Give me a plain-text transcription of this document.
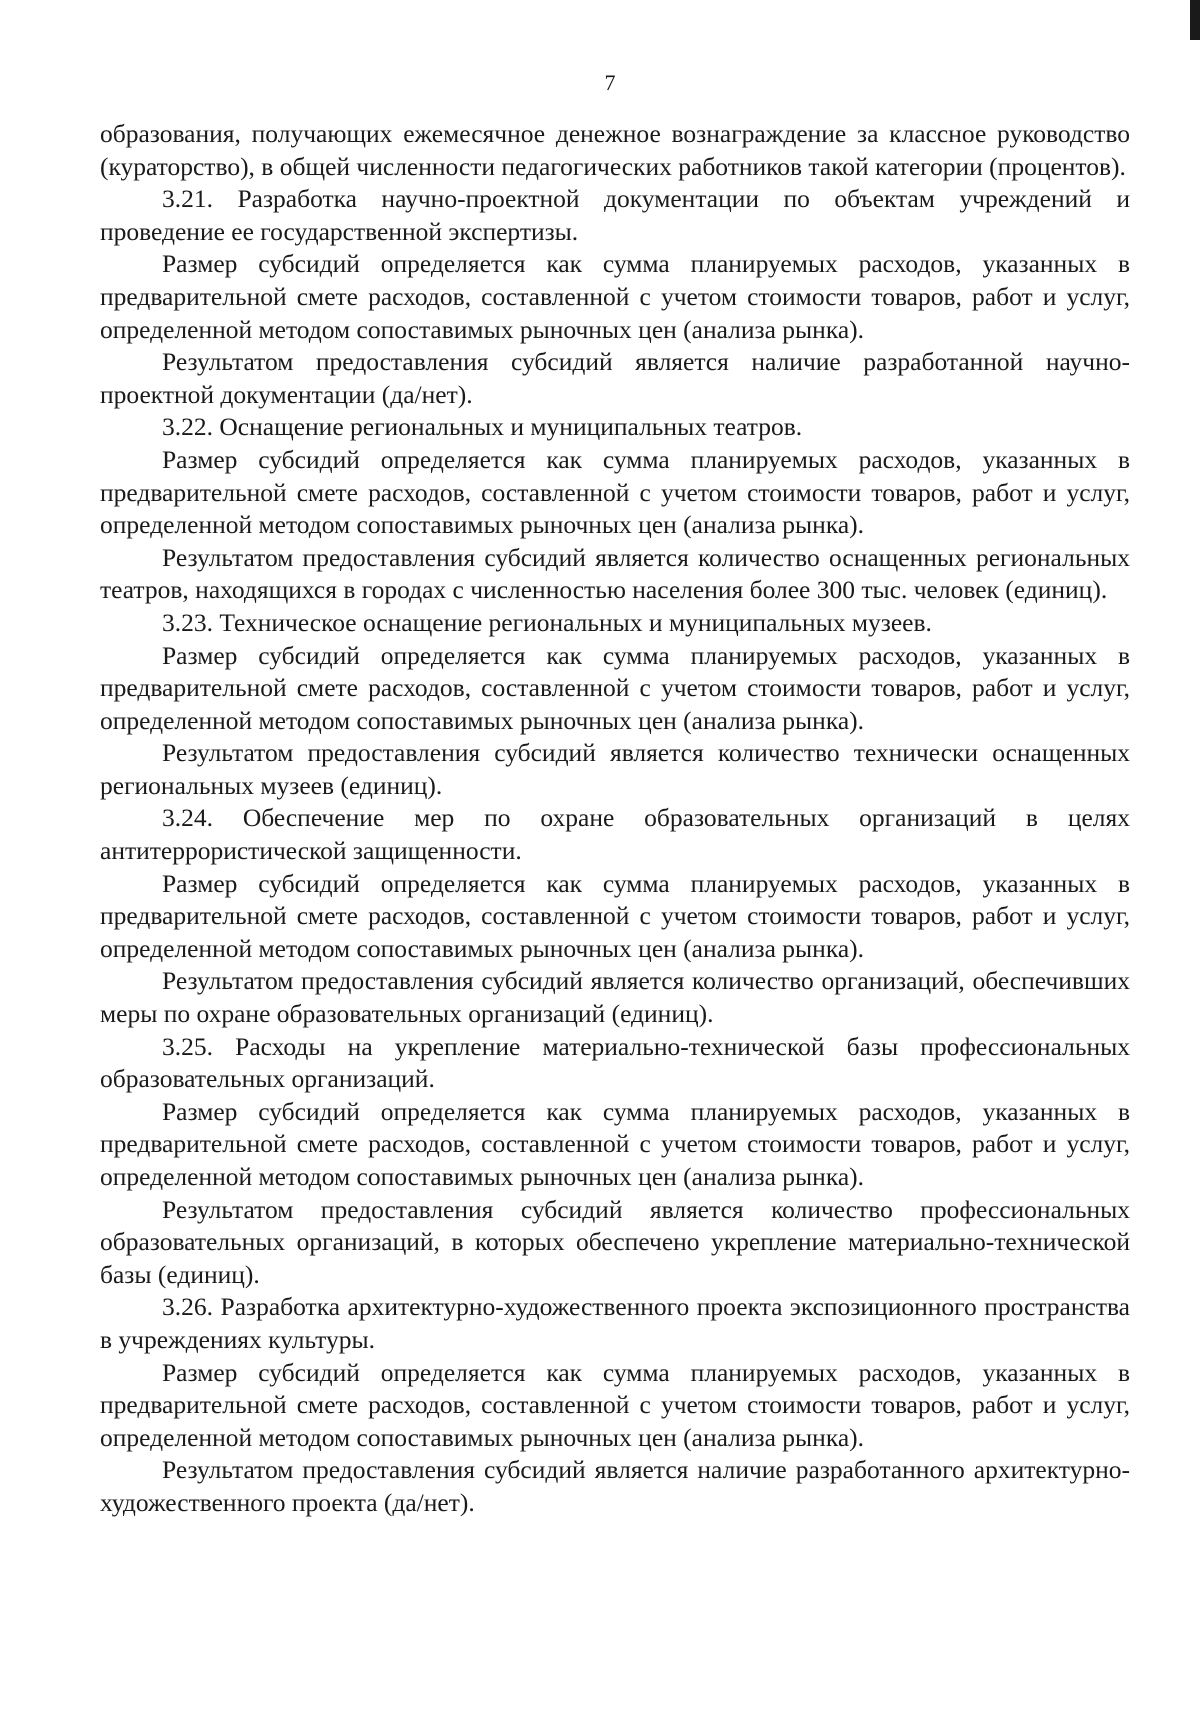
7

образования, получающих ежемесячное денежное вознаграждение за классное руководство (кураторство), в общей численности педагогических работников такой категории (процентов).

3.21. Разработка научно-проектной документации по объектам учреждений и проведение ее государственной экспертизы.

Размер субсидий определяется как сумма планируемых расходов, указанных в предварительной смете расходов, составленной с учетом стоимости товаров, работ и услуг, определенной методом сопоставимых рыночных цен (анализа рынка).

Результатом предоставления субсидий является наличие разработанной научно-проектной документации (да/нет).

3.22. Оснащение региональных и муниципальных театров.

Размер субсидий определяется как сумма планируемых расходов, указанных в предварительной смете расходов, составленной с учетом стоимости товаров, работ и услуг, определенной методом сопоставимых рыночных цен (анализа рынка).

Результатом предоставления субсидий является количество оснащенных региональных театров, находящихся в городах с численностью населения более 300 тыс. человек (единиц).

3.23. Техническое оснащение региональных и муниципальных музеев.

Размер субсидий определяется как сумма планируемых расходов, указанных в предварительной смете расходов, составленной с учетом стоимости товаров, работ и услуг, определенной методом сопоставимых рыночных цен (анализа рынка).

Результатом предоставления субсидий является количество технически оснащенных региональных музеев (единиц).

3.24. Обеспечение мер по охране образовательных организаций в целях антитеррористической защищенности.

Размер субсидий определяется как сумма планируемых расходов, указанных в предварительной смете расходов, составленной с учетом стоимости товаров, работ и услуг, определенной методом сопоставимых рыночных цен (анализа рынка).

Результатом предоставления субсидий является количество организаций, обеспечивших меры по охране образовательных организаций (единиц).

3.25. Расходы на укрепление материально-технической базы профессиональных образовательных организаций.

Размер субсидий определяется как сумма планируемых расходов, указанных в предварительной смете расходов, составленной с учетом стоимости товаров, работ и услуг, определенной методом сопоставимых рыночных цен (анализа рынка).

Результатом предоставления субсидий является количество профессиональных образовательных организаций, в которых обеспечено укрепление материально-технической базы (единиц).

3.26. Разработка архитектурно-художественного проекта экспозиционного пространства в учреждениях культуры.

Размер субсидий определяется как сумма планируемых расходов, указанных в предварительной смете расходов, составленной с учетом стоимости товаров, работ и услуг, определенной методом сопоставимых рыночных цен (анализа рынка).

Результатом предоставления субсидий является наличие разработанного архитектурно-художественного проекта (да/нет).
